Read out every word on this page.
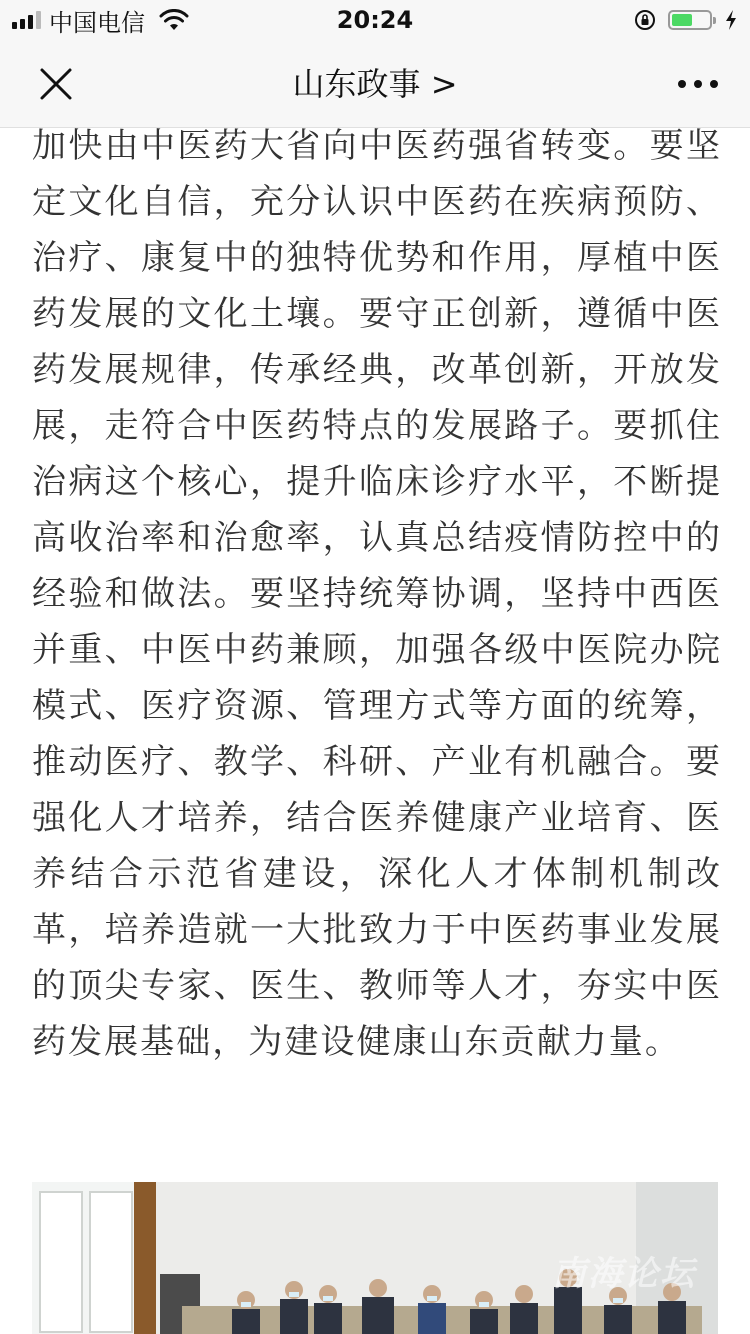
中国电信	20:24
山东政事 >

加快由中医药大省向中医药强省转变。要坚定文化自信，充分认识中医药在疾病预防、治疗、康复中的独特优势和作用，厚植中医药发展的文化土壤。要守正创新，遵循中医药发展规律，传承经典，改革创新，开放发展，走符合中医药特点的发展路子。要抓住治病这个核心，提升临床诊疗水平，不断提高收治率和治愈率，认真总结疫情防控中的经验和做法。要坚持统筹协调，坚持中西医并重、中医中药兼顾，加强各级中医院办院模式、医疗资源、管理方式等方面的统筹，推动医疗、教学、科研、产业有机融合。要强化人才培养，结合医养健康产业培育、医养结合示范省建设，深化人才体制机制改革，培养造就一大批致力于中医药事业发展的顶尖专家、医生、教师等人才，夯实中医药发展基础，为建设健康山东贡献力量。

南海论坛
